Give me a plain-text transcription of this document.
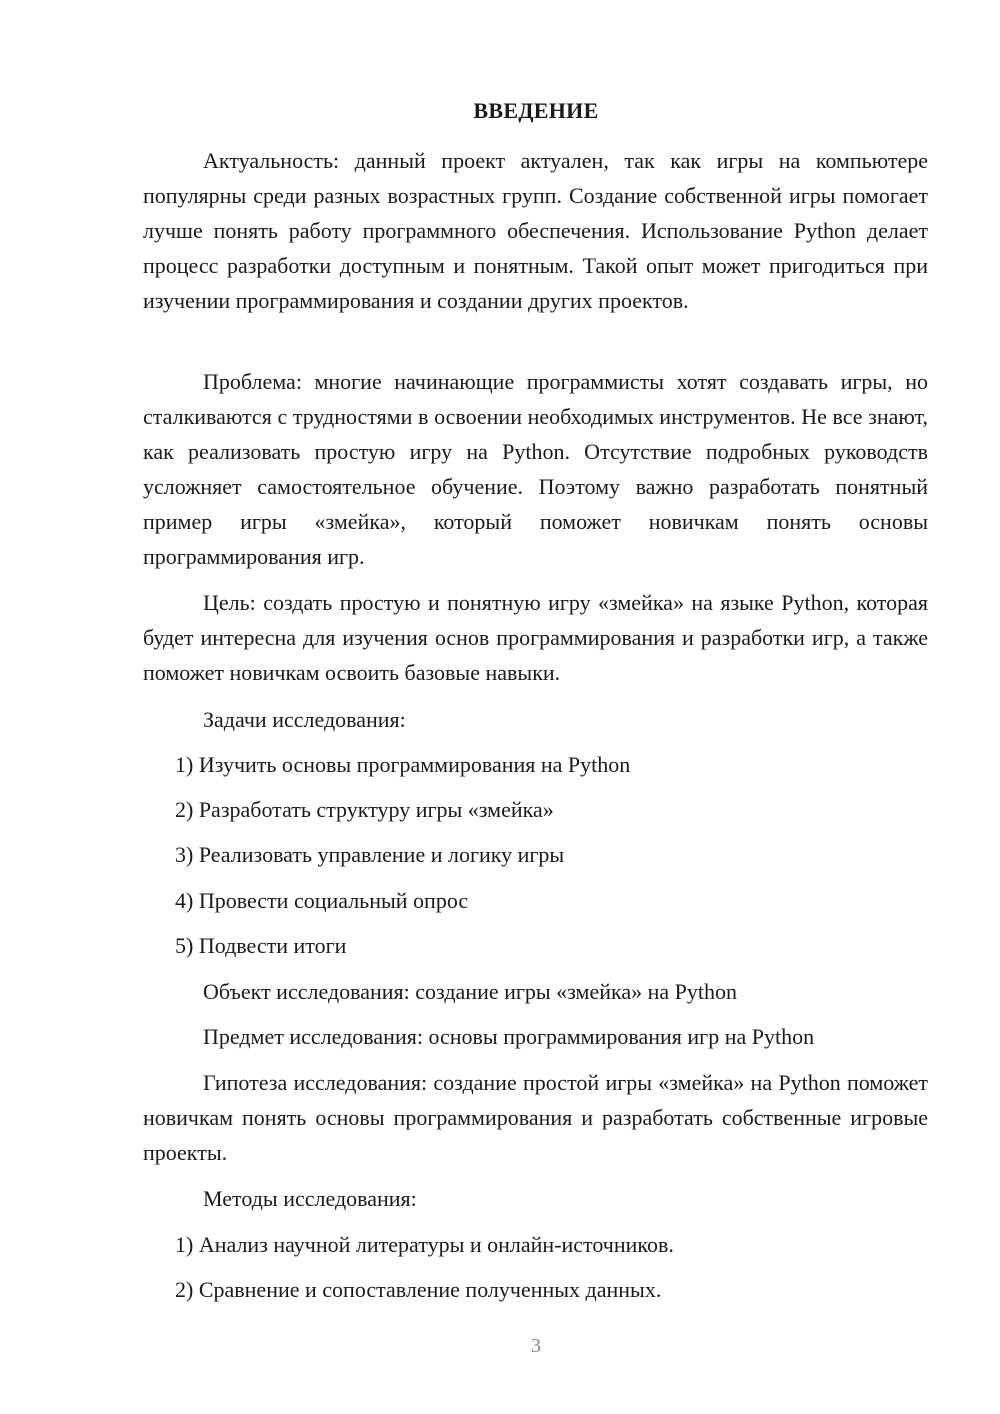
ВВЕДЕНИЕ

Актуальность: данный проект актуален, так как игры на компьютере популярны среди разных возрастных групп. Создание собственной игры помогает лучше понять работу программного обеспечения. Использование Python делает процесс разработки доступным и понятным. Такой опыт может пригодиться при изучении программирования и создании других проектов.

Проблема: многие начинающие программисты хотят создавать игры, но сталкиваются с трудностями в освоении необходимых инструментов. Не все знают, как реализовать простую игру на Python. Отсутствие подробных руководств усложняет самостоятельное обучение. Поэтому важно разработать понятный пример игры «змейка», который поможет новичкам понять основы программирования игр.

Цель: создать простую и понятную игру «змейка» на языке Python, которая будет интересна для изучения основ программирования и разработки игр, а также поможет новичкам освоить базовые навыки.

Задачи исследования:

1) Изучить основы программирования на Python

2) Разработать структуру игры «змейка»

3) Реализовать управление и логику игры

4) Провести социальный опрос

5) Подвести итоги

Объект исследования: создание игры «змейка» на Python

Предмет исследования: основы программирования игр на Python

Гипотеза исследования: создание простой игры «змейка» на Python поможет новичкам понять основы программирования и разработать собственные игровые проекты.

Методы исследования:

1) Анализ научной литературы и онлайн-источников.

2) Сравнение и сопоставление полученных данных.

3
